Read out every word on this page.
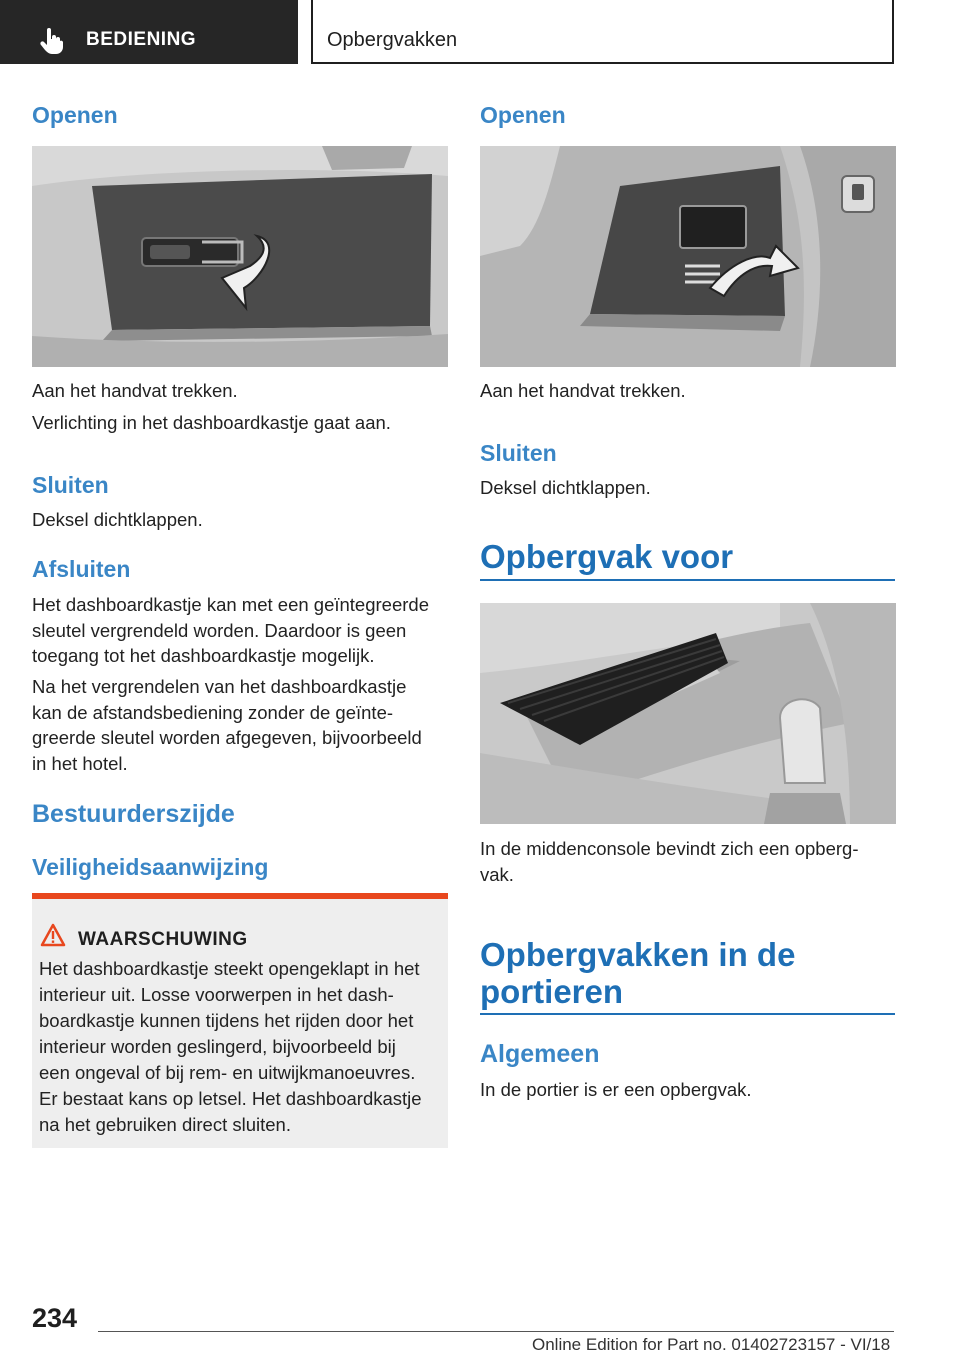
BEDIENING	Opbergvakken
Openen

Aan het handvat trekken.

Verlichting in het dashboardkastje gaat aan.

Sluiten

Deksel dichtklappen.

Afsluiten

Het dashboardkastje kan met een geïntegreerde
sleutel vergrendeld worden. Daardoor is geen
toegang tot het dashboardkastje mogelijk.

Na het vergrendelen van het dashboardkastje
kan de afstandsbediening zonder de geïnte-
greerde sleutel worden afgegeven, bijvoorbeeld
in het hotel.

Bestuurderszijde
Veiligheidsaanwijzing
WAARSCHUWING
Het dashboardkastje steekt opengeklapt in het
interieur uit. Losse voorwerpen in het dash-
boardkastje kunnen tijdens het rijden door het
interieur worden geslingerd, bijvoorbeeld bij
een ongeval of bij rem- en uitwijkmanoeuvres.
Er bestaat kans op letsel. Het dashboardkastje
na het gebruiken direct sluiten.
Openen

Aan het handvat trekken.

Sluiten

Deksel dichtklappen.

Opbergvak voor

In de middenconsole bevindt zich een opberg-
vak.

Opbergvakken in de
portieren
Algemeen

In de portier is er een opbergvak.

234
Online Edition for Part no. 01402723157 - VI/18
